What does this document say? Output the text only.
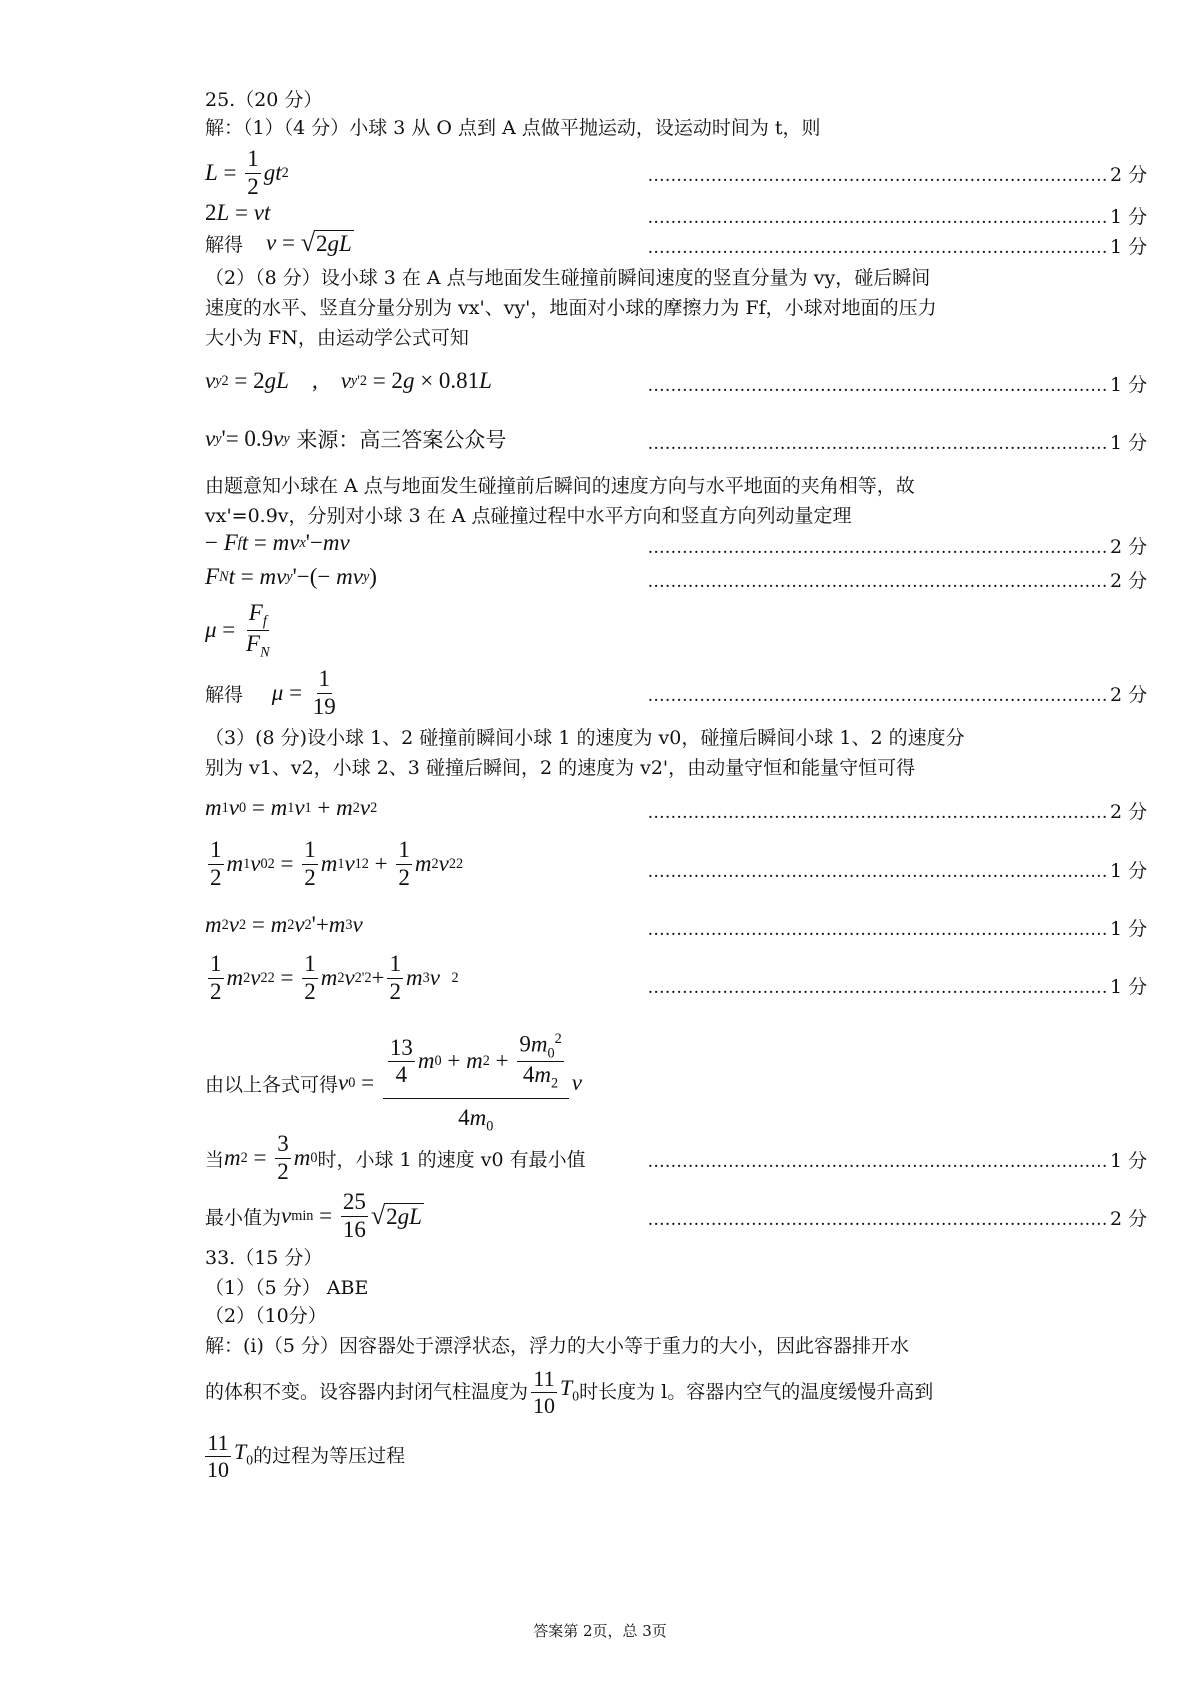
25.（20 分）
解：（1）（4 分）小球 3 从 O 点到 A 点做平抛运动，设运动时间为 t，则
$L = \frac{1}{2}$ gt 2	................................................................................ 2 分
2 L = vt	................................................................................ 1 分
解得
v = √ 2gL	................................................................................ 1 分
（2）（8 分）设小球 3 在 A 点与地面发生碰撞前瞬间速度的竖直分量为 vy，碰后瞬间
速度的水平、竖直分量分别为 vx'、vy'，地面对小球的摩擦力为 Ff，小球对地面的压力
大小为 FN，由运动学公式可知
v y 2 = 2 gL , v y '2 = 2 g × 0.81 L	................................................................................ 1 分
v y '= 0.9 v y
来源：高三答案公众号	................................................................................ 1 分
由题意知小球在 A 点与地面发生碰撞前后瞬间的速度方向与水平地面的夹角相等，故
vx'=0.9v，分别对小球 3 在 A 点碰撞过程中水平方向和竖直方向列动量定理
− F f t = mv x '− mv	................................................................................ 2 分
F N t = mv y '−(− mv y )	................................................................................ 2 分
$\mu = \frac{F_f}{F_N}$
解得
$\mu = \frac{1}{19}$	................................................................................ 2 分
（3）(8 分)设小球 1、2 碰撞前瞬间小球 1 的速度为 v0，碰撞后瞬间小球 1、2 的速度分
别为 v1、v2，小球 2、3 碰撞后瞬间，2 的速度为 v2'，由动量守恒和能量守恒可得
m 1 v 0 = m 1 v 1 + m 2 v 2	................................................................................ 2 分
$\frac{1}{2}$ m 1 v 0 $2 = \frac{1}{2}$ m 1 v 1 $2 + \frac{1}{2}$ m 2 v 2 2	................................................................................ 1 分
m 2 v 2 = m 2 v 2 '+ m 3 v	................................................................................ 1 分
$\frac{1}{2}$ m 2 v 2 $2 = \frac{1}{2}$ m 2 v 2 '$2 + \frac{1}{2}$ m 3 v
2	................................................................................ 1 分
由以上各式可得 v $0 = \frac{\frac{13}{4} m 0 + m 2 + \frac{9m_0^2}{4m_2}}{4m_0}$ v
当 m $2 = \frac{3}{2}$ m 0 时，小球 1 的速度 v0 有最小值	................................................................................ 1 分
最小值为 v $\min = \frac{25}{16}$ √ 2gL	................................................................................ 2 分
33.（15 分）
（1）（5 分） ABE
（2）（10分）
解：(i)（5 分）因容器处于漂浮状态，浮力的大小等于重力的大小，因此容器排开水
的体积不变。设容器内封闭气柱温度为 $\frac{11}{10} T_0$ 时长度为 l。容器内空气的温度缓慢升高到
$\frac{11}{10} T_0$ 的过程为等压过程
答案第 2页，总 3页
